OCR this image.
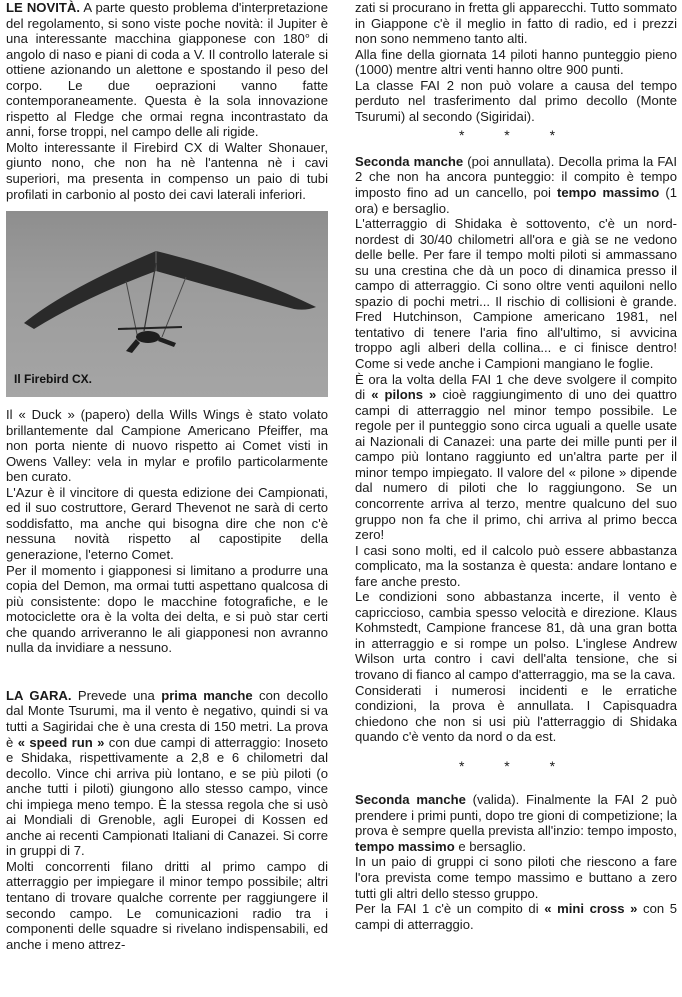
LE NOVITÀ. A parte questo problema d'interpretazione del regolamento, si sono viste poche novità: il Jupiter è una interessante macchina giapponese con 180° di angolo di naso e piani di coda a V. Il controllo laterale si ottiene azionando un alettone e spostando il peso del corpo. Le due oeprazioni vanno fatte contemporaneamente. Questa è la sola innovazione rispetto al Fledge che ormai regna incontrastato da anni, forse troppi, nel campo delle ali rigide.

Molto interessante il Firebird CX di Walter Shonauer, giunto nono, che non ha nè l'antenna nè i cavi superiori, ma presenta in compenso un paio di tubi profilati in carbonio al posto dei cavi laterali inferiori.

Il Firebird CX.

Il « Duck » (papero) della Wills Wings è stato volato brillantemente dal Campione Americano Pfeiffer, ma non porta niente di nuovo rispetto ai Comet visti in Owens Valley: vela in mylar e profilo particolarmente ben curato.

L'Azur è il vincitore di questa edizione dei Campionati, ed il suo costruttore, Gerard Thevenot ne sarà di certo soddisfatto, ma anche qui bisogna dire che non c'è nessuna novità rispetto al capostipite della generazione, l'eterno Comet.

Per il momento i giapponesi si limitano a produrre una copia del Demon, ma ormai tutti aspettano qualcosa di più consistente: dopo le macchine fotografiche, e le motociclette ora è la volta dei delta, e si può star certi che quando arriveranno le ali giapponesi non avranno nulla da invidiare a nessuno.

LA GARA. Prevede una prima manche con decollo dal Monte Tsurumi, ma il vento è negativo, quindi si va tutti a Sagiridai che è una cresta di 150 metri. La prova è « speed run » con due campi di atterraggio: Inoseto e Shidaka, rispettivamente a 2,8 e 6 chilometri dal decollo. Vince chi arriva più lontano, e se più piloti (o anche tutti i piloti) giungono allo stesso campo, vince chi impiega meno tempo. È la stessa regola che si usò ai Mondiali di Grenoble, agli Europei di Kossen ed anche ai recenti Campionati Italiani di Canazei. Si corre in gruppi di 7.

Molti concorrenti filano dritti al primo campo di atterraggio per impiegare il minor tempo possibile; altri tentano di trovare qualche corrente per raggiungere il secondo campo. Le comunicazioni radio tra i componenti delle squadre si rivelano indispensabili, ed anche i meno attrez-

zati si procurano in fretta gli apparecchi. Tutto sommato in Giappone c'è il meglio in fatto di radio, ed i prezzi non sono nemmeno tanto alti.

Alla fine della giornata 14 piloti hanno punteggio pieno (1000) mentre altri venti hanno oltre 900 punti.

La classe FAI 2 non può volare a causa del tempo perduto nel trasferimento dal primo decollo (Monte Tsurumi) al secondo (Sigiridai).

* * *

Seconda manche (poi annullata). Decolla prima la FAI 2 che non ha ancora punteggio: il compito è tempo imposto fino ad un cancello, poi tempo massimo (1 ora) e bersaglio.

L'atterraggio di Shidaka è sottovento, c'è un nord-nordest di 30/40 chilometri all'ora e già se ne vedono delle belle. Per fare il tempo molti piloti si ammassano su una crestina che dà un poco di dinamica presso il campo di atterraggio. Ci sono oltre venti aquiloni nello spazio di pochi metri... Il rischio di collisioni è grande. Fred Hutchinson, Campione americano 1981, nel tentativo di tenere l'aria fino all'ultimo, si avvicina troppo agli alberi della collina... e ci finisce dentro! Come si vede anche i Campioni mangiano le foglie.

È ora la volta della FAI 1 che deve svolgere il compito di « pilons » cioè raggiungimento di uno dei quattro campi di atterraggio nel minor tempo possibile. Le regole per il punteggio sono circa uguali a quelle usate ai Nazionali di Canazei: una parte dei mille punti per il campo più lontano raggiunto ed un'altra parte per il minor tempo impiegato. Il valore del « pilone » dipende dal numero di piloti che lo raggiungono. Se un concorrente arriva al terzo, mentre qualcuno del suo gruppo non fa che il primo, chi arriva al primo becca zero!

I casi sono molti, ed il calcolo può essere abbastanza complicato, ma la sostanza è questa: andare lontano e fare anche presto.

Le condizioni sono abbastanza incerte, il vento è capriccioso, cambia spesso velocità e direzione. Klaus Kohmstedt, Campione francese 81, dà una gran botta in atterraggio e si rompe un polso. L'inglese Andrew Wilson urta contro i cavi dell'alta tensione, che si trovano di fianco al campo d'atterraggio, ma se la cava.

Considerati i numerosi incidenti e le erratiche condizioni, la prova è annullata. I Capisquadra chiedono che non si usi più l'atterraggio di Shidaka quando c'è vento da nord o da est.

* * *

Seconda manche (valida). Finalmente la FAI 2 può prendere i primi punti, dopo tre gioni di competizione; la prova è sempre quella prevista all'inzio: tempo imposto, tempo massimo e bersaglio.

In un paio di gruppi ci sono piloti che riescono a fare l'ora prevista come tempo massimo e buttano a zero tutti gli altri dello stesso gruppo.

Per la FAI 1 c'è un compito di « mini cross » con 5 campi di atterraggio.
